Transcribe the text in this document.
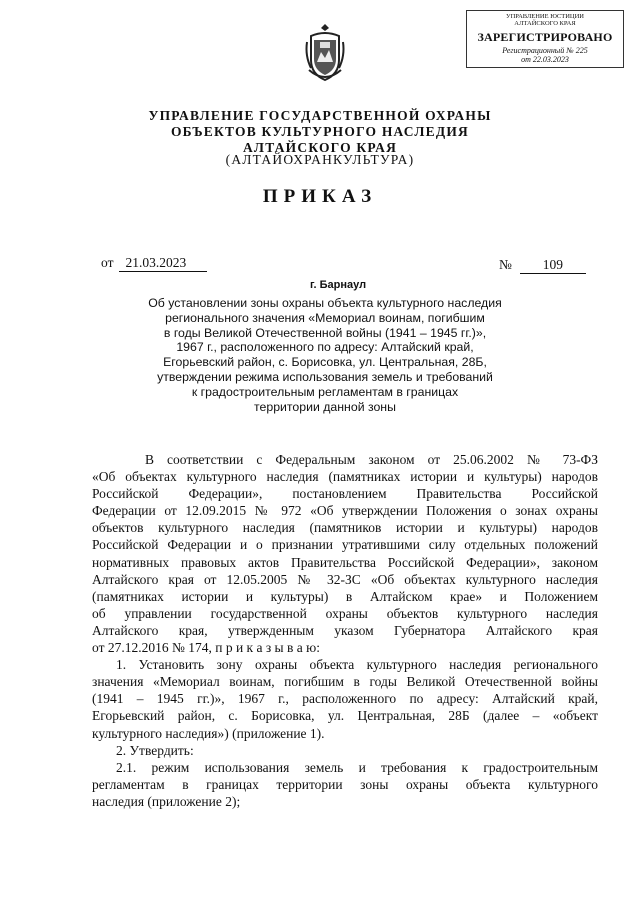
УПРАВЛЕНИЕ ЮСТИЦИИ
АЛТАЙСКОГО КРАЯ
ЗАРЕГИСТРИРОВАНО
Регистрационный № 225
от 22.03.2023
УПРАВЛЕНИЕ ГОСУДАРСТВЕННОЙ ОХРАНЫ
ОБЪЕКТОВ КУЛЬТУРНОГО НАСЛЕДИЯ
АЛТАЙСКОГО КРАЯ
(АЛТАЙОХРАНКУЛЬТУРА)
ПРИКАЗ
от 21.03.2023	№ 109
г. Барнаул
Об установлении зоны охраны объекта культурного наследия
регионального значения «Мемориал воинам, погибшим
в годы Великой Отечественной войны (1941 – 1945 гг.)»,
1967 г., расположенного по адресу: Алтайский край,
Егорьевский район, с. Борисовка, ул. Центральная, 28Б,
утверждении режима использования земель и требований
к градостроительным регламентам в границах
территории данной зоны
В соответствии с Федеральным законом от 25.06.2002 № 73-ФЗ
«Об объектах культурного наследия (памятниках истории и культуры) народов
Российской Федерации», постановлением Правительства Российской
Федерации от 12.09.2015 № 972 «Об утверждении Положения о зонах охраны
объектов культурного наследия (памятников истории и культуры) народов
Российской Федерации и о признании утратившими силу отдельных положений
нормативных правовых актов Правительства Российской Федерации», законом
Алтайского края от 12.05.2005 № 32-ЗС «Об объектах культурного наследия
(памятниках истории и культуры) в Алтайском крае» и Положением
об управлении государственной охраны объектов культурного наследия
Алтайского края, утвержденным указом Губернатора Алтайского края
от 27.12.2016 № 174, п р и к а з ы в а ю:
1. Установить зону охраны объекта культурного наследия регионального
значения «Мемориал воинам, погибшим в годы Великой Отечественной войны
(1941 – 1945 гг.)», 1967 г., расположенного по адресу: Алтайский край,
Егорьевский район, с. Борисовка, ул. Центральная, 28Б (далее – «объект
культурного наследия») (приложение 1).
2. Утвердить:
2.1. режим использования земель и требования к градостроительным
регламентам в границах территории зоны охраны объекта культурного
наследия (приложение 2);
